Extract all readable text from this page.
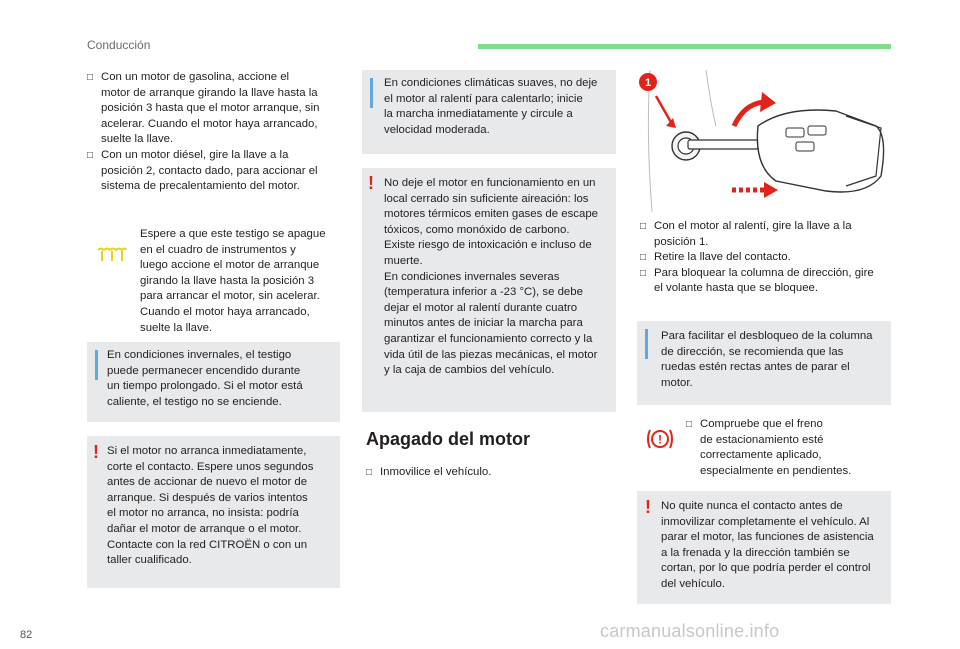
Conducción
□ Con un motor de gasolina, accione el

motor de arranque girando la llave hasta la

posición 3 hasta que el motor arranque, sin

acelerar. Cuando el motor haya arrancado,

suelte la llave.

□ Con un motor diésel, gire la llave a la

posición 2, contacto dado, para accionar el

sistema de precalentamiento del motor.

Espere a que este testigo se apague

en el cuadro de instrumentos y

luego accione el motor de arranque

girando la llave hasta la posición 3

para arrancar el motor, sin acelerar.

Cuando el motor haya arrancado,

suelte la llave.

En condiciones invernales, el testigo

puede permanecer encendido durante

un tiempo prolongado. Si el motor está

caliente, el testigo no se enciende.

! Si el motor no arranca inmediatamente,

corte el contacto. Espere unos segundos

antes de accionar de nuevo el motor de

arranque. Si después de varios intentos

el motor no arranca, no insista: podría

dañar el motor de arranque o el motor.

Contacte con la red CITROËN o con un

taller cualificado.

En condiciones climáticas suaves, no deje

el motor al ralentí para calentarlo; inicie

la marcha inmediatamente y circule a

velocidad moderada.

! No deje el motor en funcionamiento en un

local cerrado sin suficiente aireación: los

motores térmicos emiten gases de escape

tóxicos, como monóxido de carbono.

Existe riesgo de intoxicación e incluso de

muerte.

En condiciones invernales severas

(temperatura inferior a -23 °C), se debe

dejar el motor al ralentí durante cuatro

minutos antes de iniciar la marcha para

garantizar el funcionamiento correcto y la

vida útil de las piezas mecánicas, el motor

y la caja de cambios del vehículo.

Apagado del motor
□ Inmovilice el vehículo.

1
□ Con el motor al ralentí, gire la llave a la

posición 1.

□ Retire la llave del contacto.

□ Para bloquear la columna de dirección, gire

el volante hasta que se bloquee.

Para facilitar el desbloqueo de la columna

de dirección, se recomienda que las

ruedas estén rectas antes de parar el

motor.

!
□ Compruebe que el freno

de estacionamiento esté

correctamente aplicado,

especialmente en pendientes.

! No quite nunca el contacto antes de

inmovilizar completamente el vehículo. Al

parar el motor, las funciones de asistencia

a la frenada y la dirección también se

cortan, por lo que podría perder el control

del vehículo.

82	carmanualsonline.info
